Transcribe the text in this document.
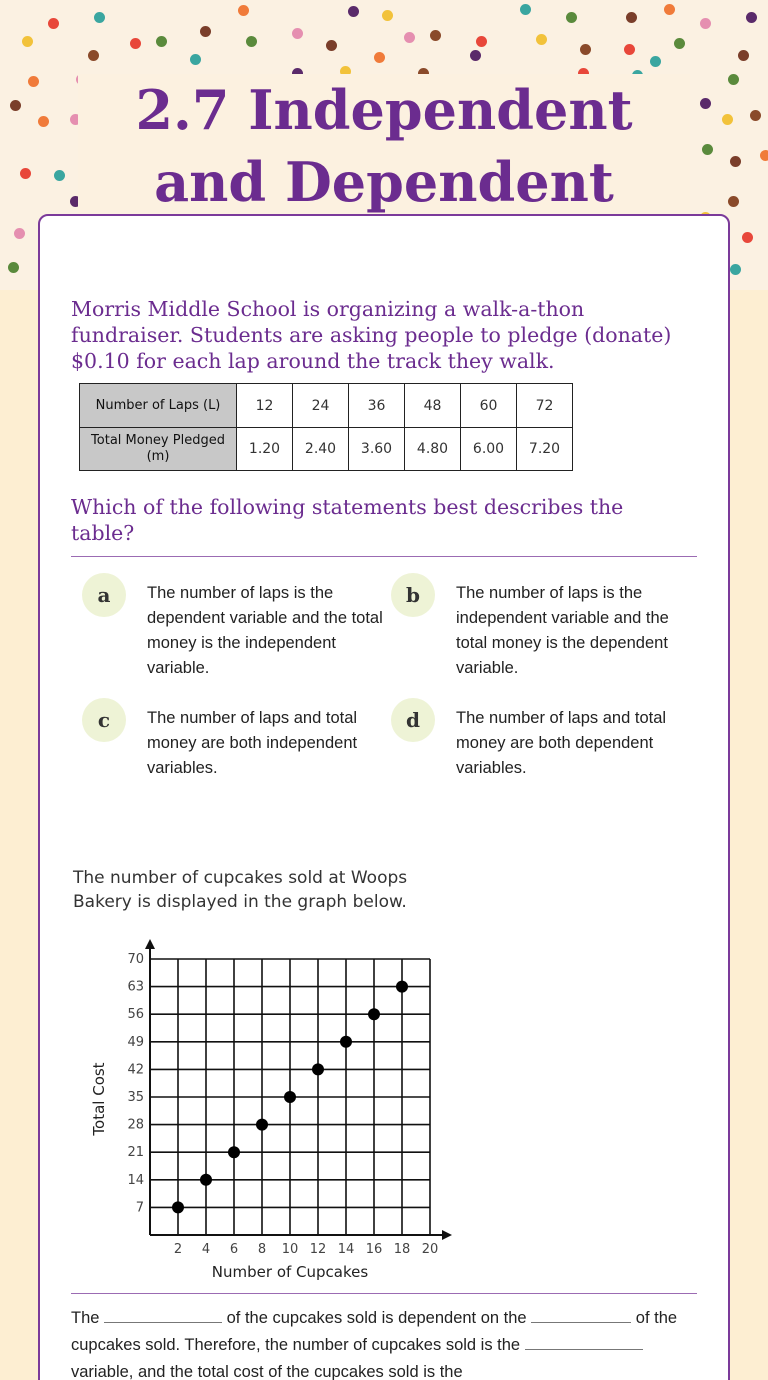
2.7 Independent and Dependent

Morris Middle School is organizing a walk-a-thon fundraiser. Students are asking people to pledge (donate) $0.10 for each lap around the track they walk.

Number of Laps (L)	12	24	36	48	60	72
Total Money Pledged (m)	1.20	2.40	3.60	4.80	6.00	7.20

Which of the following statements best describes the table?

a	The number of laps is the dependent variable and the total money is the independent variable.

b	The number of laps is the independent variable and the total money is the dependent variable.

c	The number of laps and total money are both independent variables.

d	The number of laps and total money are both dependent variables.

The number of cupcakes sold at Woops Bakery is displayed in the graph below.

2 4 6 8 10 12 14 16 18 20
7
14
21
28
35
42
49
56
63
70
Number of Cupcakes
Total Cost

The	of the cupcakes sold is dependent on the	of the cupcakes sold. Therefore, the number of cupcakes sold is the  variable, and the total cost of the cupcakes sold is the
